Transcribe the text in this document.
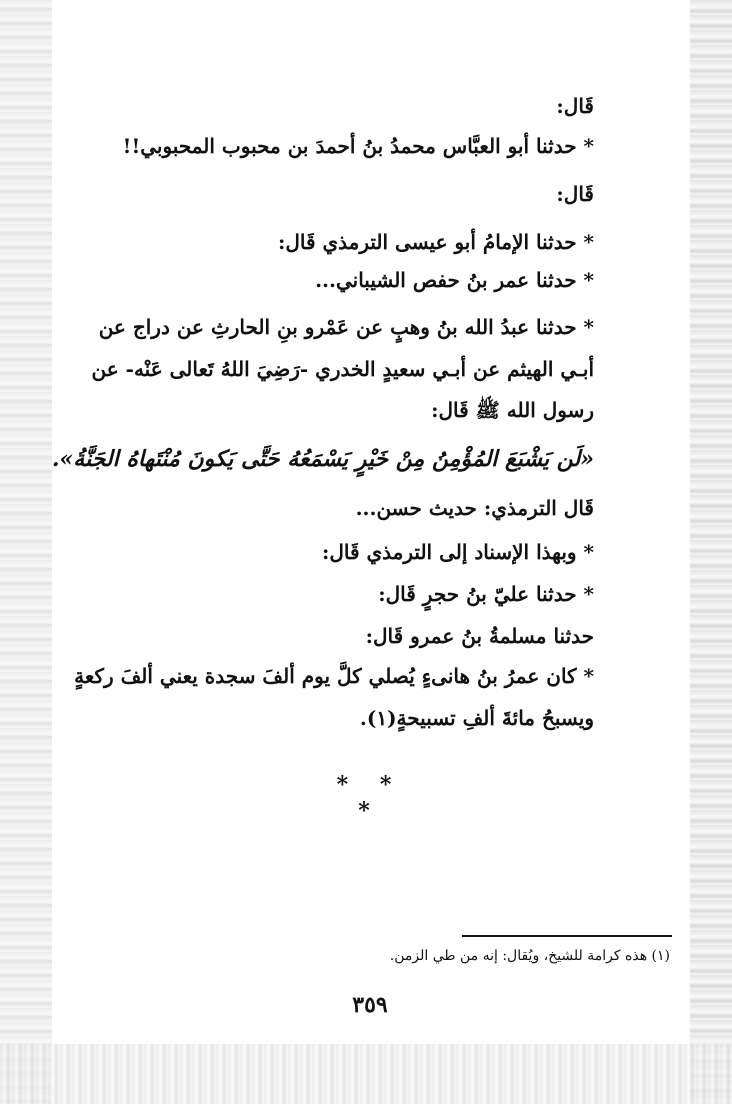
قَال:
* حدثنا أبو العبَّاس محمدُ بنُ أحمدَ بن محبوب المحبوبي!!
قَال:
* حدثنا الإمامُ أبو عيسى الترمذي قَال:
* حدثنا عمر بنُ حفص الشيباني...
* حدثنا عبدُ الله بنُ وهبٍ عن عَمْرو بنِ الحارثِ عن دراج عن
أبـي الهيثم عن أبـي سعيدٍ الخدري -رَضِيَ اللهُ تَعالى عَنْه- عن
رسول الله ﷺ قَال:
«لَن يَشْبَعَ المُؤْمِنُ مِنْ خَيْرٍ يَسْمَعُهُ حَتَّى يَكونَ مُنْتَهاهُ الجَنَّةُ».
قَال الترمذي: حديث حسن...
* وبهذا الإسناد إلى الترمذي قَال:
* حدثنا عليّ بنُ حجرٍ قَال:
حدثنا مسلمةُ بنُ عمرو قَال:
* كان عمرُ بنُ هانىءٍ يُصلي كلَّ يوم ألفَ سجدة يعني ألفَ ركعةٍ
ويسبحُ مائةَ ألفِ تسبيحةٍ(١).
* * *
(١) هذه كرامة للشيخ، ويُقال: إنه من طي الزمن.
٣٥٩
